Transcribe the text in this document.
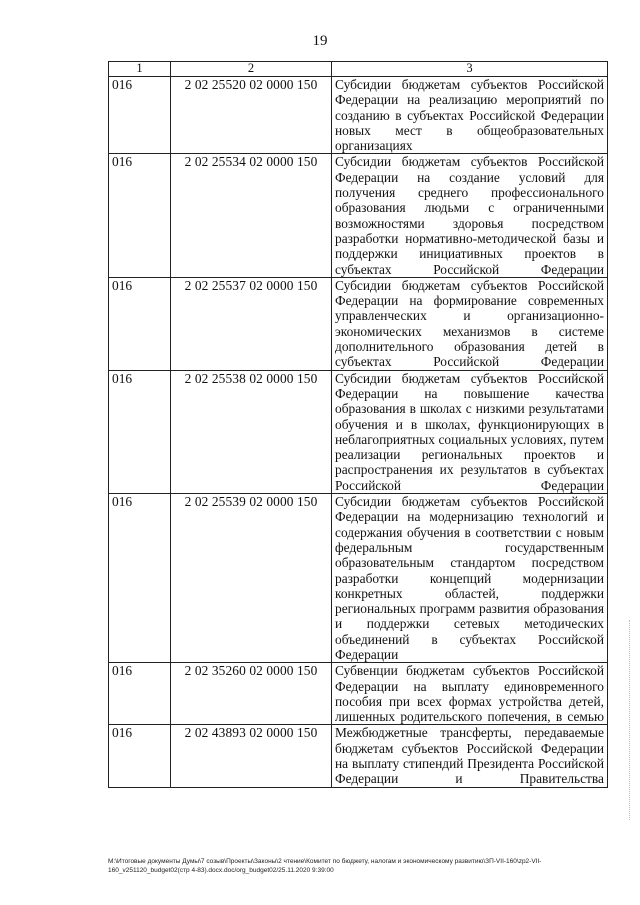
19
1	2	3
016	2 02 25520 02 0000 150	Субсидии бюджетам субъектов Российской Федерации на реализацию мероприятий по созданию в субъектах Российской Федерации новых мест в общеобразовательных организациях
016	2 02 25534 02 0000 150	Субсидии бюджетам субъектов Российской Федерации на создание условий для получения среднего профессионального образования людьми с ограниченными возможностями здоровья посредством разработки нормативно-методической базы и поддержки инициативных проектов в субъектах Российской Федерации
016	2 02 25537 02 0000 150	Субсидии бюджетам субъектов Российской Федерации на формирование современных управленческих и организационно-экономических механизмов в системе дополнительного образования детей в субъектах Российской Федерации
016	2 02 25538 02 0000 150	Субсидии бюджетам субъектов Российской Федерации на повышение качества образования в школах с низкими результатами обучения и в школах, функционирующих в неблагоприятных социальных условиях, путем реализации региональных проектов и распространения их результатов в субъектах Российской Федерации
016	2 02 25539 02 0000 150	Субсидии бюджетам субъектов Российской Федерации на модернизацию технологий и содержания обучения в соответствии с новым федеральным государственным образовательным стандартом посредством разработки концепций модернизации конкретных областей, поддержки региональных программ развития образования и поддержки сетевых методических объединений в субъектах Российской Федерации
016	2 02 35260 02 0000 150	Субвенции бюджетам субъектов Российской Федерации на выплату единовременного пособия при всех формах устройства детей, лишенных родительского попечения, в семью
016	2 02 43893 02 0000 150	Межбюджетные трансферты, передаваемые бюджетам субъектов Российской Федерации на выплату стипендий Президента Российской Федерации и Правительства
М:\Итоговые документы Думы\7 созыв\Проекты\Законы\2 чтение\Комитет по бюджету, налогам и экономическому развитию\ЗП-VII-160\zp2-VII-160_v251120_budget02(стр 4-83).docx.doc/org_budget02/25.11.2020 9:39:00
